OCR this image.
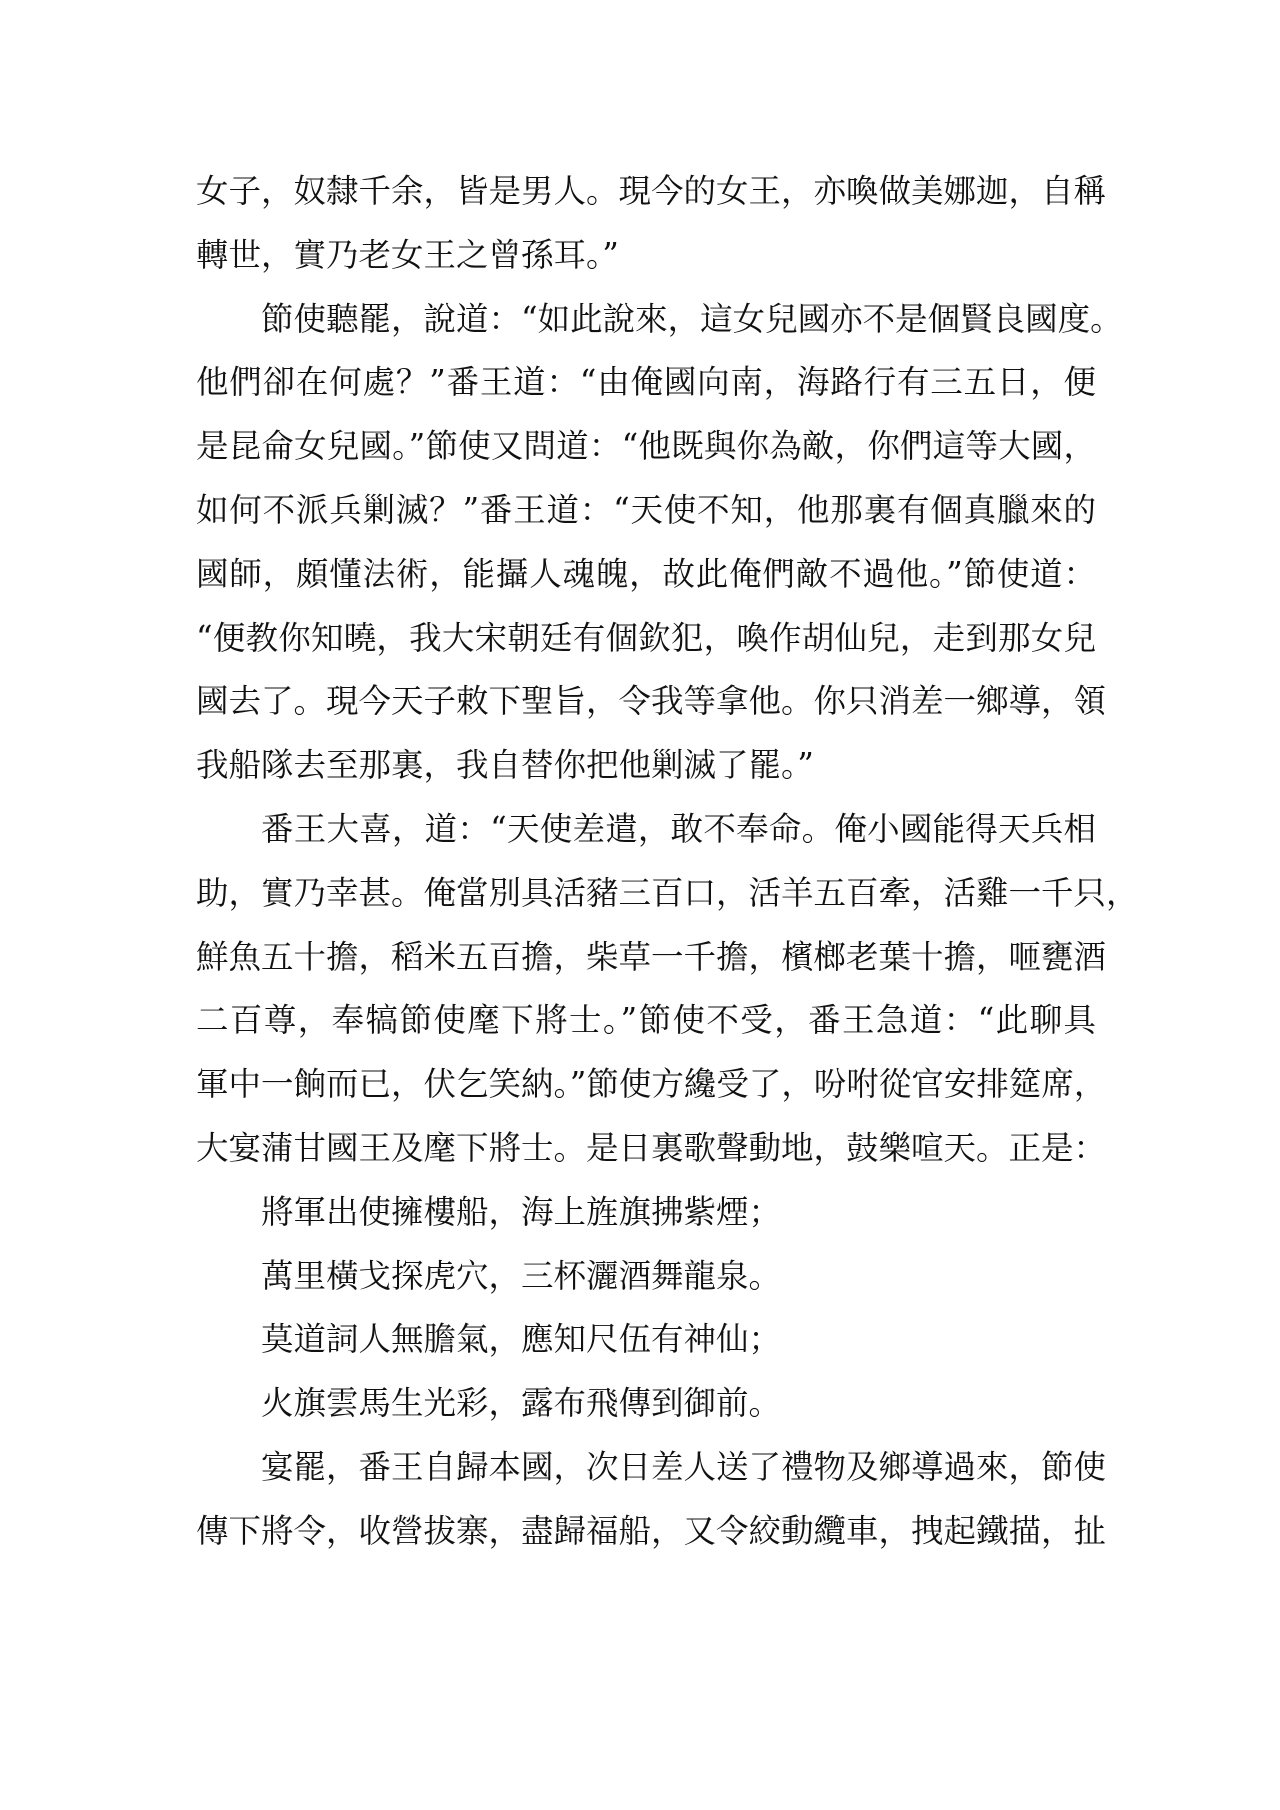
女子，奴隸千余，皆是男人。現今的女王，亦喚做美娜迦，自稱
轉世，實乃老女王之曾孫耳。”
節使聽罷，說道：“如此說來，這女兒國亦不是個賢良國度。
他們卻在何處？”番王道：“由俺國向南，海路行有三五日，便
是昆侖女兒國。”節使又問道：“他既與你為敵，你們這等大國，
如何不派兵剿滅？”番王道：“天使不知，他那裏有個真臘來的
國師，頗懂法術，能攝人魂魄，故此俺們敵不過他。”節使道：
“便教你知曉，我大宋朝廷有個欽犯，喚作胡仙兒，走到那女兒
國去了。現今天子敕下聖旨，令我等拿他。你只消差一鄉導，領
我船隊去至那裏，我自替你把他剿滅了罷。”
番王大喜，道：“天使差遣，敢不奉命。俺小國能得天兵相
助，實乃幸甚。俺當別具活豬三百口，活羊五百牽，活雞一千只，
鮮魚五十擔，稻米五百擔，柴草一千擔，檳榔老葉十擔，咂甕酒
二百尊，奉犒節使麾下將士。”節使不受，番王急道：“此聊具
軍中一餉而已，伏乞笑納。”節使方纔受了，吩咐從官安排筵席，
大宴蒲甘國王及麾下將士。是日裏歌聲動地，鼓樂喧天。正是：
將軍出使擁樓船，海上旌旗拂紫煙；
萬里橫戈探虎穴，三杯灑酒舞龍泉。
莫道詞人無膽氣，應知尺伍有神仙；
火旗雲馬生光彩，露布飛傳到御前。
宴罷，番王自歸本國，次日差人送了禮物及鄉導過來，節使
傳下將令，收營拔寨，盡歸福船，又令絞動纜車，拽起鐵描，扯
